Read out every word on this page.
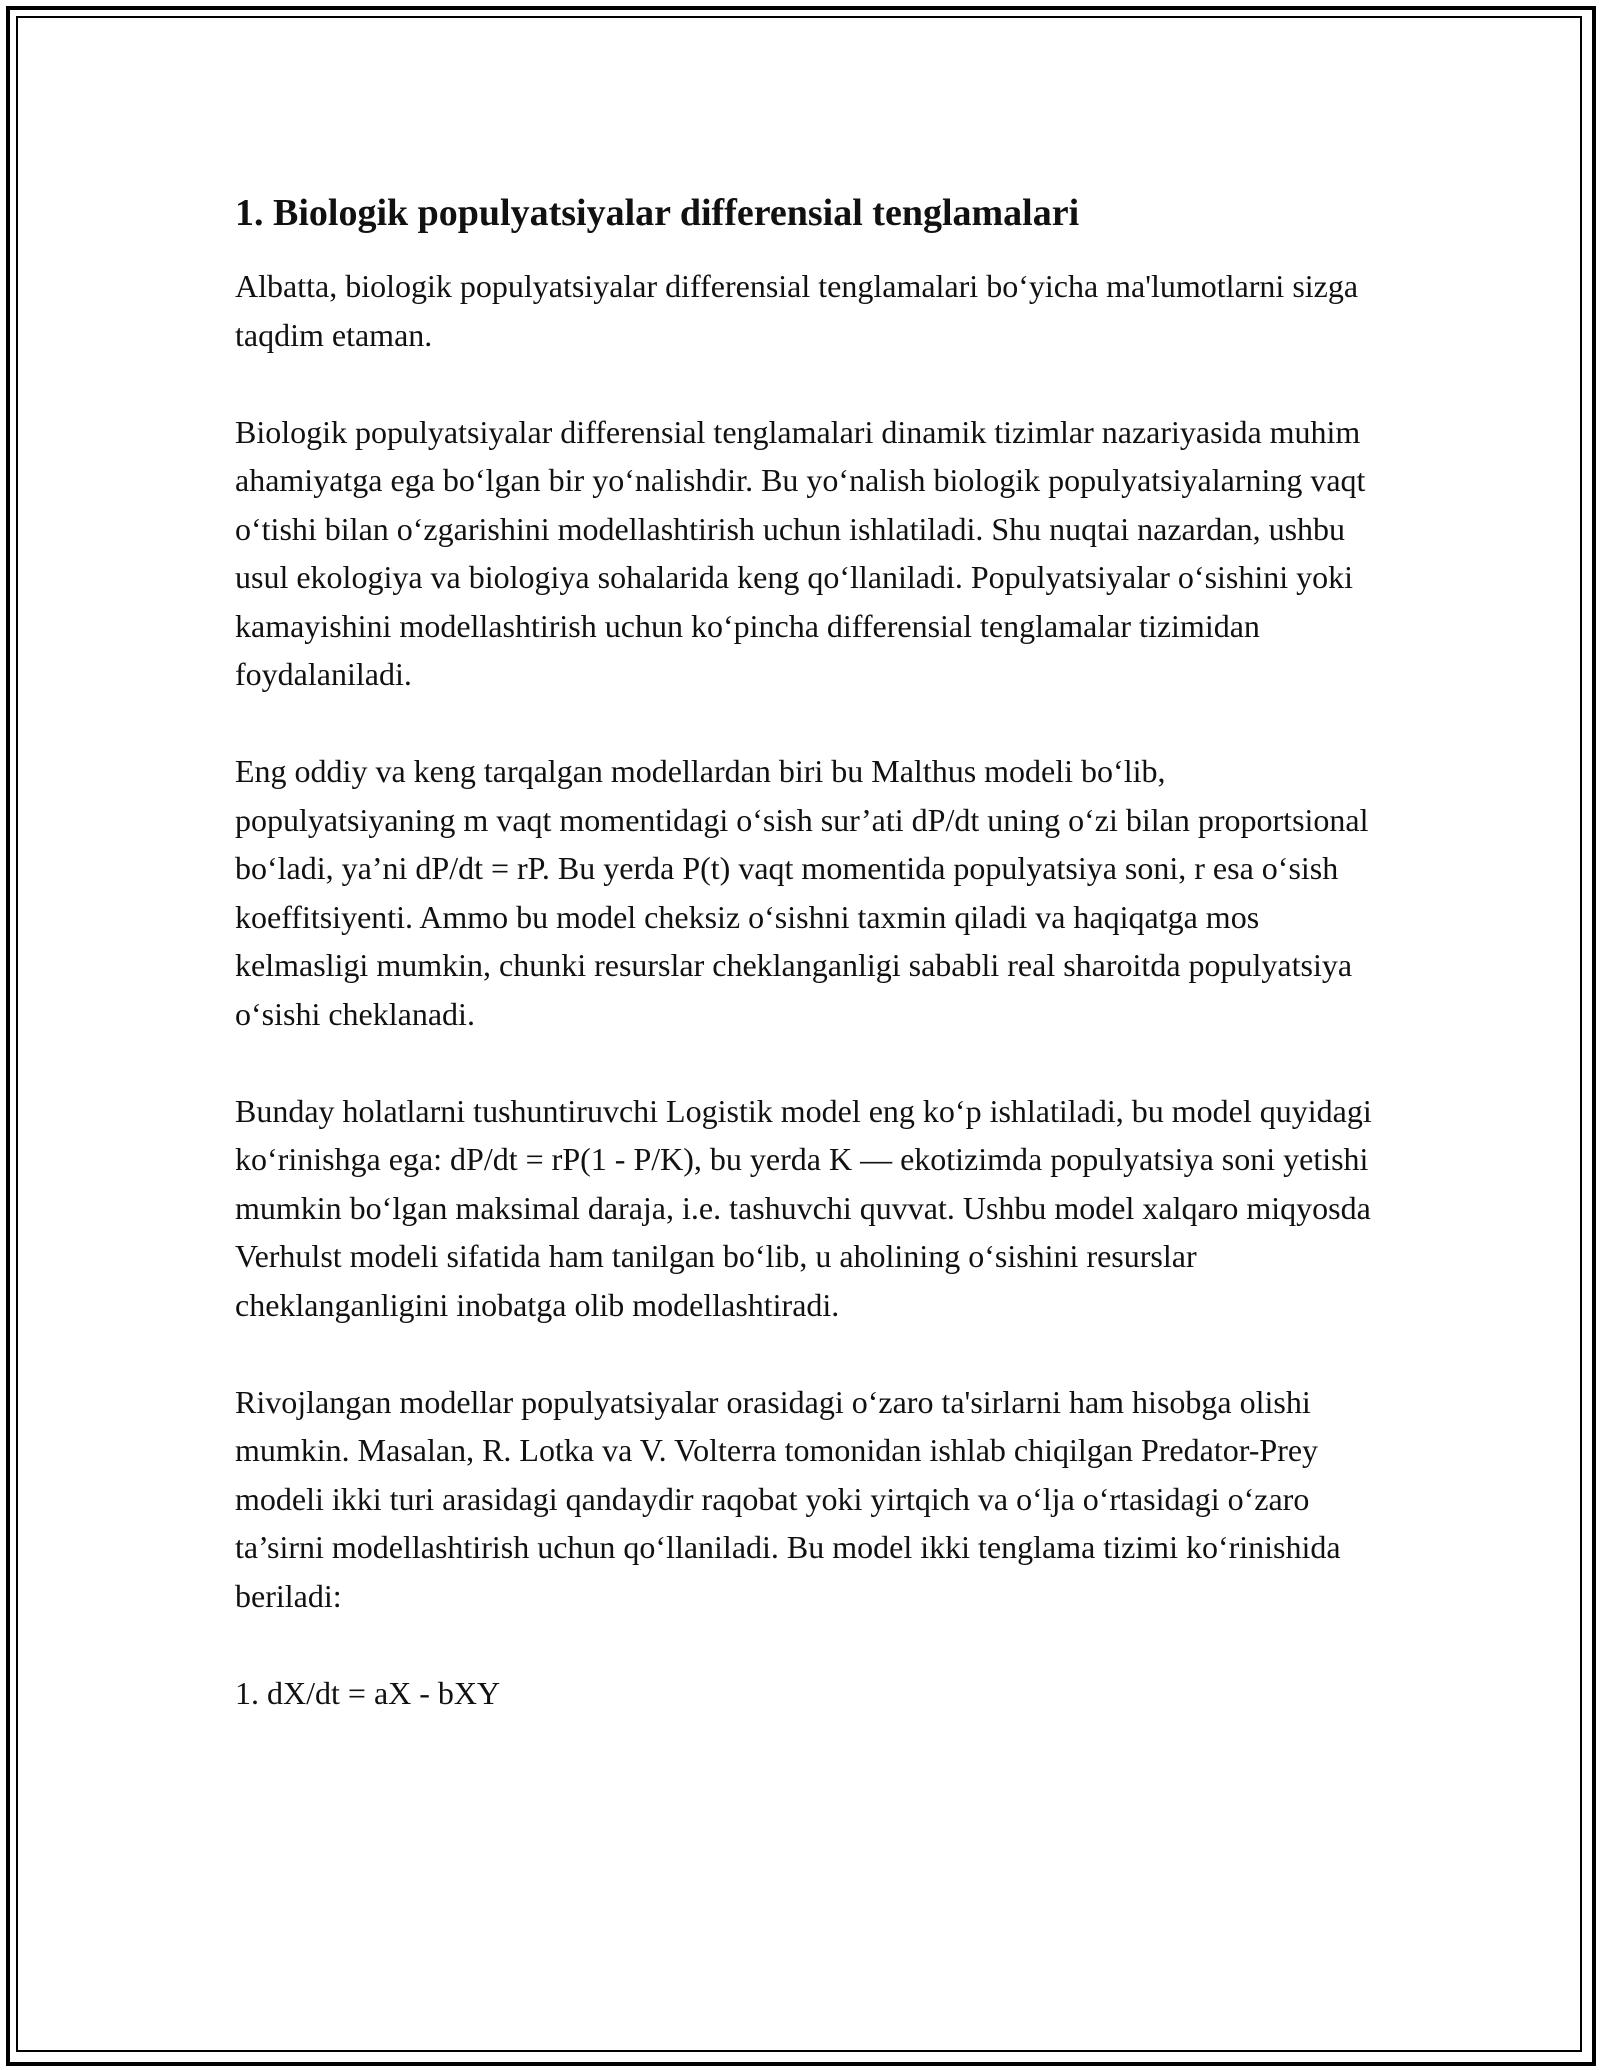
1. Biologik populyatsiyalar differensial tenglamalari

Albatta, biologik populyatsiyalar differensial tenglamalari bo‘yicha ma'lumotlarni sizga taqdim etaman.

Biologik populyatsiyalar differensial tenglamalari dinamik tizimlar nazariyasida muhim ahamiyatga ega bo‘lgan bir yo‘nalishdir. Bu yo‘nalish biologik populyatsiyalarning vaqt o‘tishi bilan o‘zgarishini modellashtirish uchun ishlatiladi. Shu nuqtai nazardan, ushbu usul ekologiya va biologiya sohalarida keng qo‘llaniladi. Populyatsiyalar o‘sishini yoki kamayishini modellashtirish uchun ko‘pincha differensial tenglamalar tizimidan foydalaniladi.

Eng oddiy va keng tarqalgan modellardan biri bu Malthus modeli bo‘lib, populyatsiyaning m vaqt momentidagi o‘sish sur’ati dP/dt uning o‘zi bilan proportsional bo‘ladi, ya’ni dP/dt = rP. Bu yerda P(t) vaqt momentida populyatsiya soni, r esa o‘sish koeffitsiyenti. Ammo bu model cheksiz o‘sishni taxmin qiladi va haqiqatga mos kelmasligi mumkin, chunki resurslar cheklanganligi sababli real sharoitda populyatsiya o‘sishi cheklanadi.

Bunday holatlarni tushuntiruvchi Logistik model eng ko‘p ishlatiladi, bu model quyidagi ko‘rinishga ega: dP/dt = rP(1 - P/K), bu yerda K — ekotizimda populyatsiya soni yetishi mumkin bo‘lgan maksimal daraja, i.e. tashuvchi quvvat. Ushbu model xalqaro miqyosda Verhulst modeli sifatida ham tanilgan bo‘lib, u aholining o‘sishini resurslar cheklanganligini inobatga olib modellashtiradi.

Rivojlangan modellar populyatsiyalar orasidagi o‘zaro ta'sirlarni ham hisobga olishi mumkin. Masalan, R. Lotka va V. Volterra tomonidan ishlab chiqilgan Predator-Prey modeli ikki turi arasidagi qandaydir raqobat yoki yirtqich va o‘lja o‘rtasidagi o‘zaro ta’sirni modellashtirish uchun qo‘llaniladi. Bu model ikki tenglama tizimi ko‘rinishida beriladi:

1. dX/dt = aX - bXY
